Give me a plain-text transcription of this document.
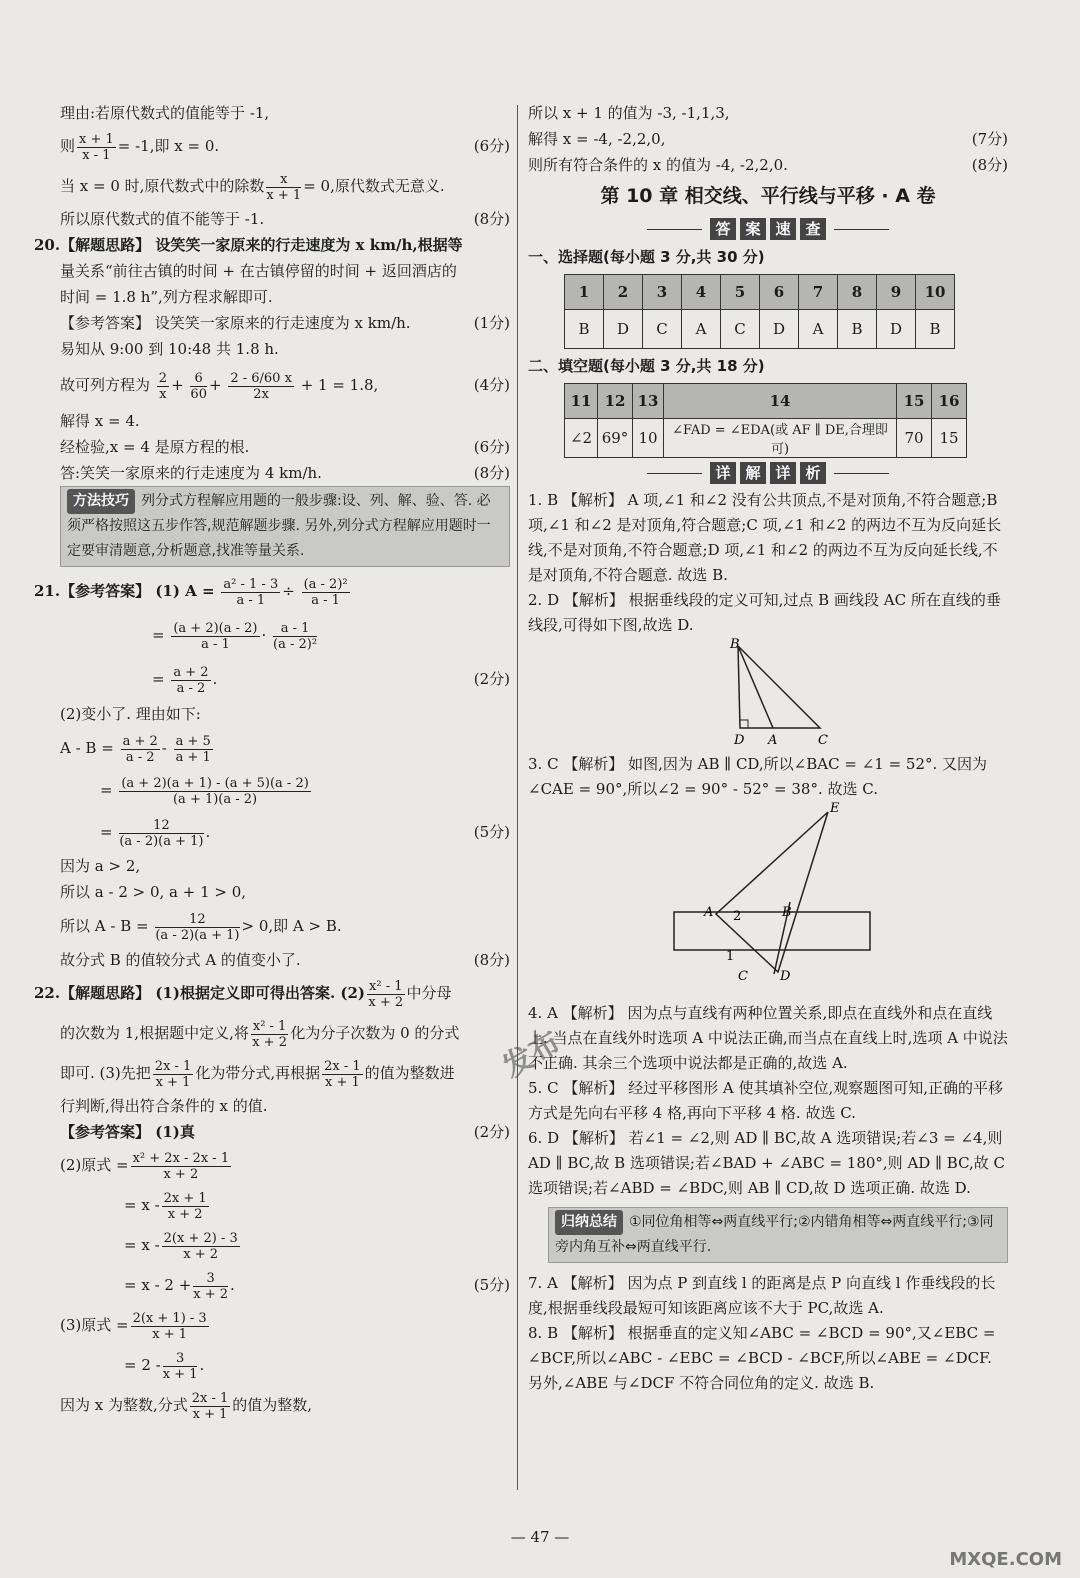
理由:若原代数式的值能等于 -1,
则 $\frac{x + 1}{x - 1} = -1$,即 x = 0.	(6分)
当 x = 0 时,原代数式中的除数 $\frac{x}{x + 1} = 0$,原代数式无意义.
所以原代数式的值不能等于 -1.	(8分)
20.【解题思路】 设笑笑一家原来的行走速度为 x km/h,根据等
量关系“前往古镇的时间 + 在古镇停留的时间 + 返回酒店的
时间 = 1.8 h”,列方程求解即可.
【参考答案】 设笑笑一家原来的行走速度为 x km/h.	(1分)
易知从 9:00 到 10:48 共 1.8 h.
故可列方程为 $\frac{2}{x} + \frac{6}{60} + \frac{2 - 6/60 x}{2x} + 1 = 1.8$,	(4分)
解得 x = 4.
经检验,x = 4 是原方程的根.	(6分)
答:笑笑一家原来的行走速度为 4 km/h.	(8分)
方法技巧 列分式方程解应用题的一般步骤:设、列、解、验、答. 必须严格按照这五步作答,规范解题步骤. 另外,列分式方程解应用题时一定要审清题意,分析题意,找准等量关系.
21.【参考答案】 (1) $A = \frac{\text{a² - 1 - 3}}{a - 1} \div \frac{\text{(a - 2)²}}{a - 1}$
= $\frac{(a + 2)(a - 2)}{a - 1} \cdot \frac{a - 1}{\text{(a - 2)²}}$
= $\frac{a + 2}{a - 2}$ .	(2分)
(2)变小了. 理由如下:
$A - B = \frac{a + 2}{a - 2} - \frac{a + 5}{a + 1}$
= $\frac{(a + 2)(a + 1) - (a + 5)(a - 2)}{(a + 1)(a - 2)}$
= $\frac{12}{(a - 2)(a + 1)}$ .	(5分)
因为 a > 2,
所以 a - 2 > 0, a + 1 > 0,
所以 $A - B = \frac{12}{(a - 2)(a + 1)} > 0$,即 A > B.
故分式 B 的值较分式 A 的值变小了.	(8分)
22.【解题思路】 (1)根据定义即可得出答案. $(2) \frac{\text{x² - 1}}{x + 2}$ 中分母
的次数为 1,根据题中定义,将 $\frac{\text{x² - 1}}{x + 2}$ 化为分子次数为 0 的分式
即可. (3)先把 $\frac{2x - 1}{x + 1}$ 化为带分式,再根据 $\frac{2x - 1}{x + 1}$ 的值为整数进
行判断,得出符合条件的 x 的值.
【参考答案】 (1)真	(2分)
(2)原式 = $\frac{\text{x² + 2x - 2x - 1}}{x + 2}$
= x - $\frac{2x + 1}{x + 2}$
= x - $\frac{2(x + 2) - 3}{x + 2}$
= $x - 2 + \frac{3}{x + 2}$ .	(5分)
(3)原式 = $\frac{2(x + 1) - 3}{x + 1}$
= $2 - \frac{3}{x + 1}$ .
因为 x 为整数,分式 $\frac{2x - 1}{x + 1}$ 的值为整数,
所以 x + 1 的值为 -3, -1,1,3,
解得 x = -4, -2,2,0,	(7分)
则所有符合条件的 x 的值为 -4, -2,2,0.	(8分)
第 10 章 相交线、平行线与平移 · A 卷
答 案 速 查
一、选择题(每小题 3 分,共 30 分)
1	2	3	4	5	6	7	8	9	10
B	D	C	A	C	D	A	B	D	B
二、填空题(每小题 3 分,共 18 分)
11	12	13	14	15	16
∠2	69°	10	∠FAD = ∠EDA(或 AF ∥ DE,合理即可)	70	15
详 解 详 析
1. B 【解析】 A 项,∠1 和∠2 没有公共顶点,不是对顶角,不符合题意;B 项,∠1 和∠2 是对顶角,符合题意;C 项,∠1 和∠2 的两边不互为反向延长线,不是对顶角,不符合题意;D 项,∠1 和∠2 的两边不互为反向延长线,不是对顶角,不符合题意. 故选 B.
2. D 【解析】 根据垂线段的定义可知,过点 B 画线段 AC 所在直线的垂线段,可得如下图,故选 D.
B
D A	C
3. C 【解析】 如图,因为 AB ∥ CD,所以∠BAC = ∠1 = 52°. 又因为∠CAE = 90°,所以∠2 = 90° - 52° = 38°. 故选 C.
E
A 2	B
1
C D
4. A 【解析】 因为点与直线有两种位置关系,即点在直线外和点在直线上. 当点在直线外时选项 A 中说法正确,而当点在直线上时,选项 A 中说法不正确. 其余三个选项中说法都是正确的,故选 A.
5. C 【解析】 经过平移图形 A 使其填补空位,观察题图可知,正确的平移方式是先向右平移 4 格,再向下平移 4 格. 故选 C.
6. D 【解析】 若∠1 = ∠2,则 AD ∥ BC,故 A 选项错误;若∠3 = ∠4,则 AD ∥ BC,故 B 选项错误;若∠BAD + ∠ABC = 180°,则 AD ∥ BC,故 C 选项错误;若∠ABD = ∠BDC,则 AB ∥ CD,故 D 选项正确. 故选 D.
归纳总结 ①同位角相等⇔两直线平行;②内错角相等⇔两直线平行;③同旁内角互补⇔两直线平行.
7. A 【解析】 因为点 P 到直线 l 的距离是点 P 向直线 l 作垂线段的长度,根据垂线段最短可知该距离应该不大于 PC,故选 A.
8. B 【解析】 根据垂直的定义知∠ABC = ∠BCD = 90°,又∠EBC = ∠BCF,所以∠ABC - ∠EBC = ∠BCD - ∠BCF,所以∠ABE = ∠DCF. 另外,∠ABE 与∠DCF 不符合同位角的定义. 故选 B.
发布
— 47 —
MXQE.COM
